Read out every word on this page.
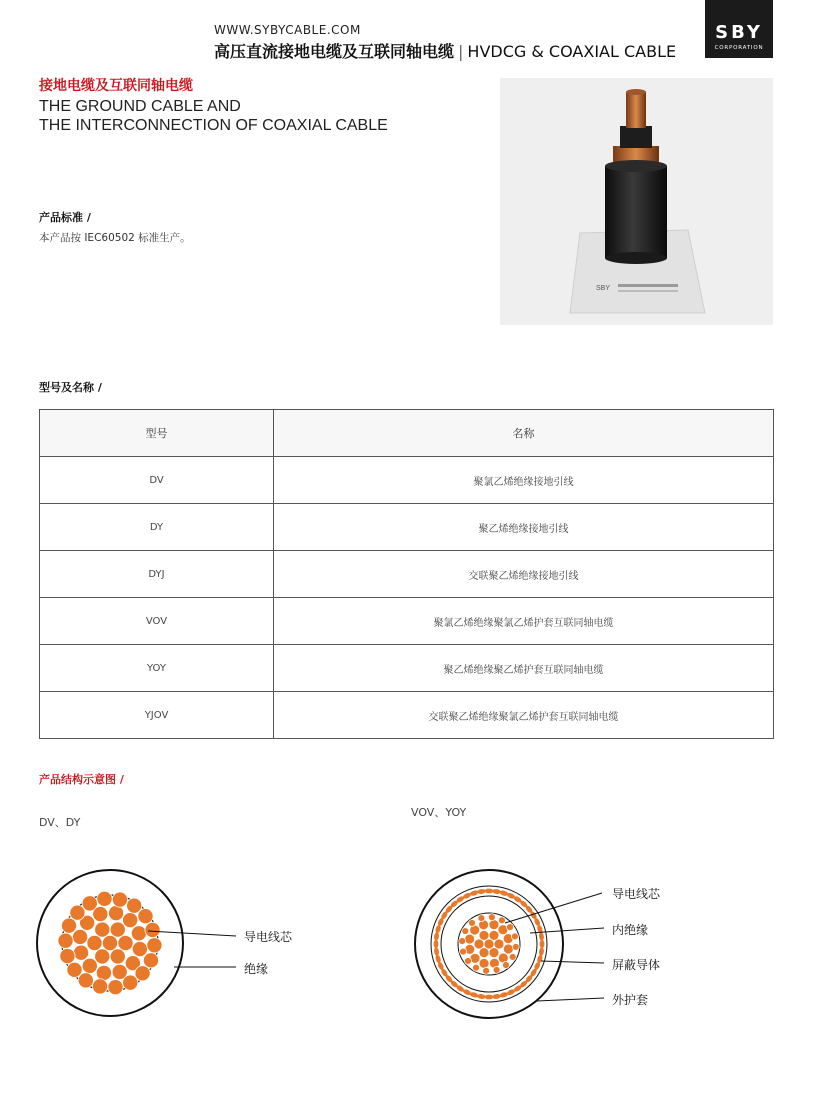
WWW.SYBYCABLE.COM
高压直流接地电缆及互联同轴电缆 | HVDCG & COAXIAL CABLE
SBY
CORPORATION
接地电缆及互联同轴电缆
THE GROUND CABLE AND
THE INTERCONNECTION OF COAXIAL CABLE
SBY
产品标准 /
本产品按 IEC60502 标准生产。
型号及名称 /
型号	名称
DV	聚氯乙烯绝缘接地引线
DY	聚乙烯绝缘接地引线
DYJ	交联聚乙烯绝缘接地引线
VOV	聚氯乙烯绝缘聚氯乙烯护套互联同轴电缆
YOY	聚乙烯绝缘聚乙烯护套互联同轴电缆
YJOV	交联聚乙烯绝缘聚氯乙烯护套互联同轴电缆
产品结构示意图 /
DV、DY
VOV、YOY
导电线芯
绝缘
导电线芯
内绝缘
屏蔽导体
外护套
